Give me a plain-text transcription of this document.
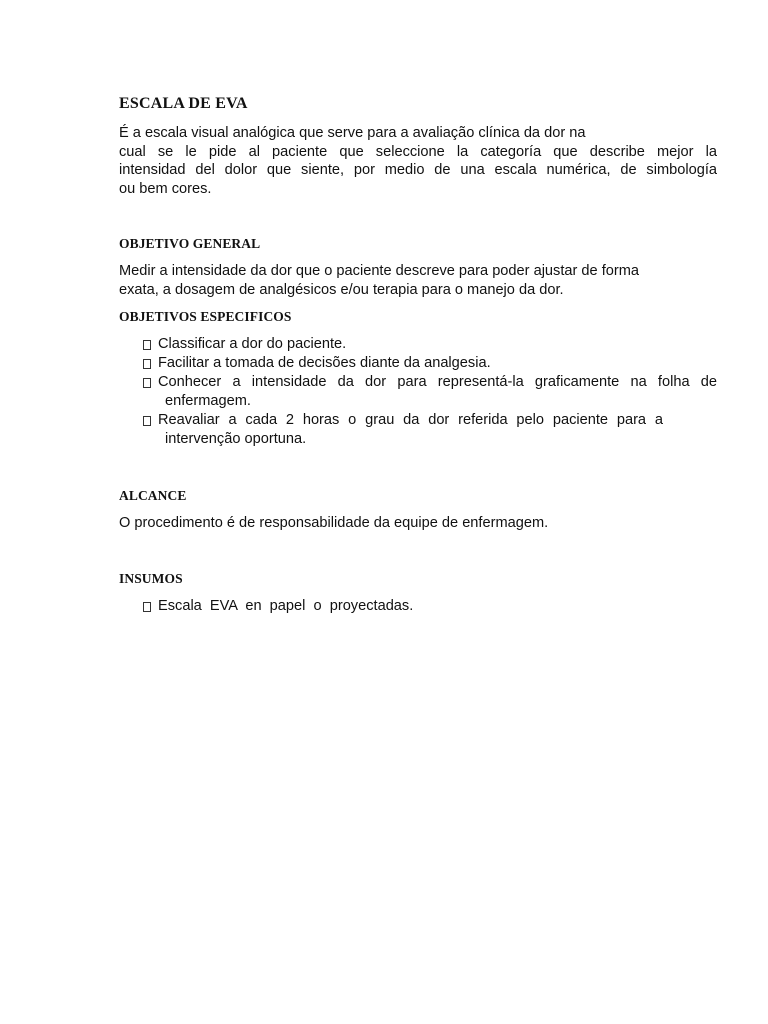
ESCALA DE EVA

É a escala visual analógica que serve para a avaliação clínica da dor na
cual se le pide al paciente que seleccione la categoría que describe mejor la
intensidad del dolor que siente, por medio de una escala numérica, de simbología
ou bem cores.

OBJETIVO GENERAL

Medir a intensidade da dor que o paciente descreve para poder ajustar de forma
exata, a dosagem de analgésicos e/ou terapia para o manejo da dor.

OBJETIVOS ESPECIFICOS
Classificar a dor do paciente.
Facilitar a tomada de decisões diante da analgesia.
Conhecer a intensidade da dor para representá-la graficamente na folha de
enfermagem.
Reavaliar a cada 2 horas o grau da dor referida pelo paciente para a
intervenção oportuna.
ALCANCE

O procedimento é de responsabilidade da equipe de enfermagem.

INSUMOS
Escala  EVA  en  papel  o  proyectadas.
